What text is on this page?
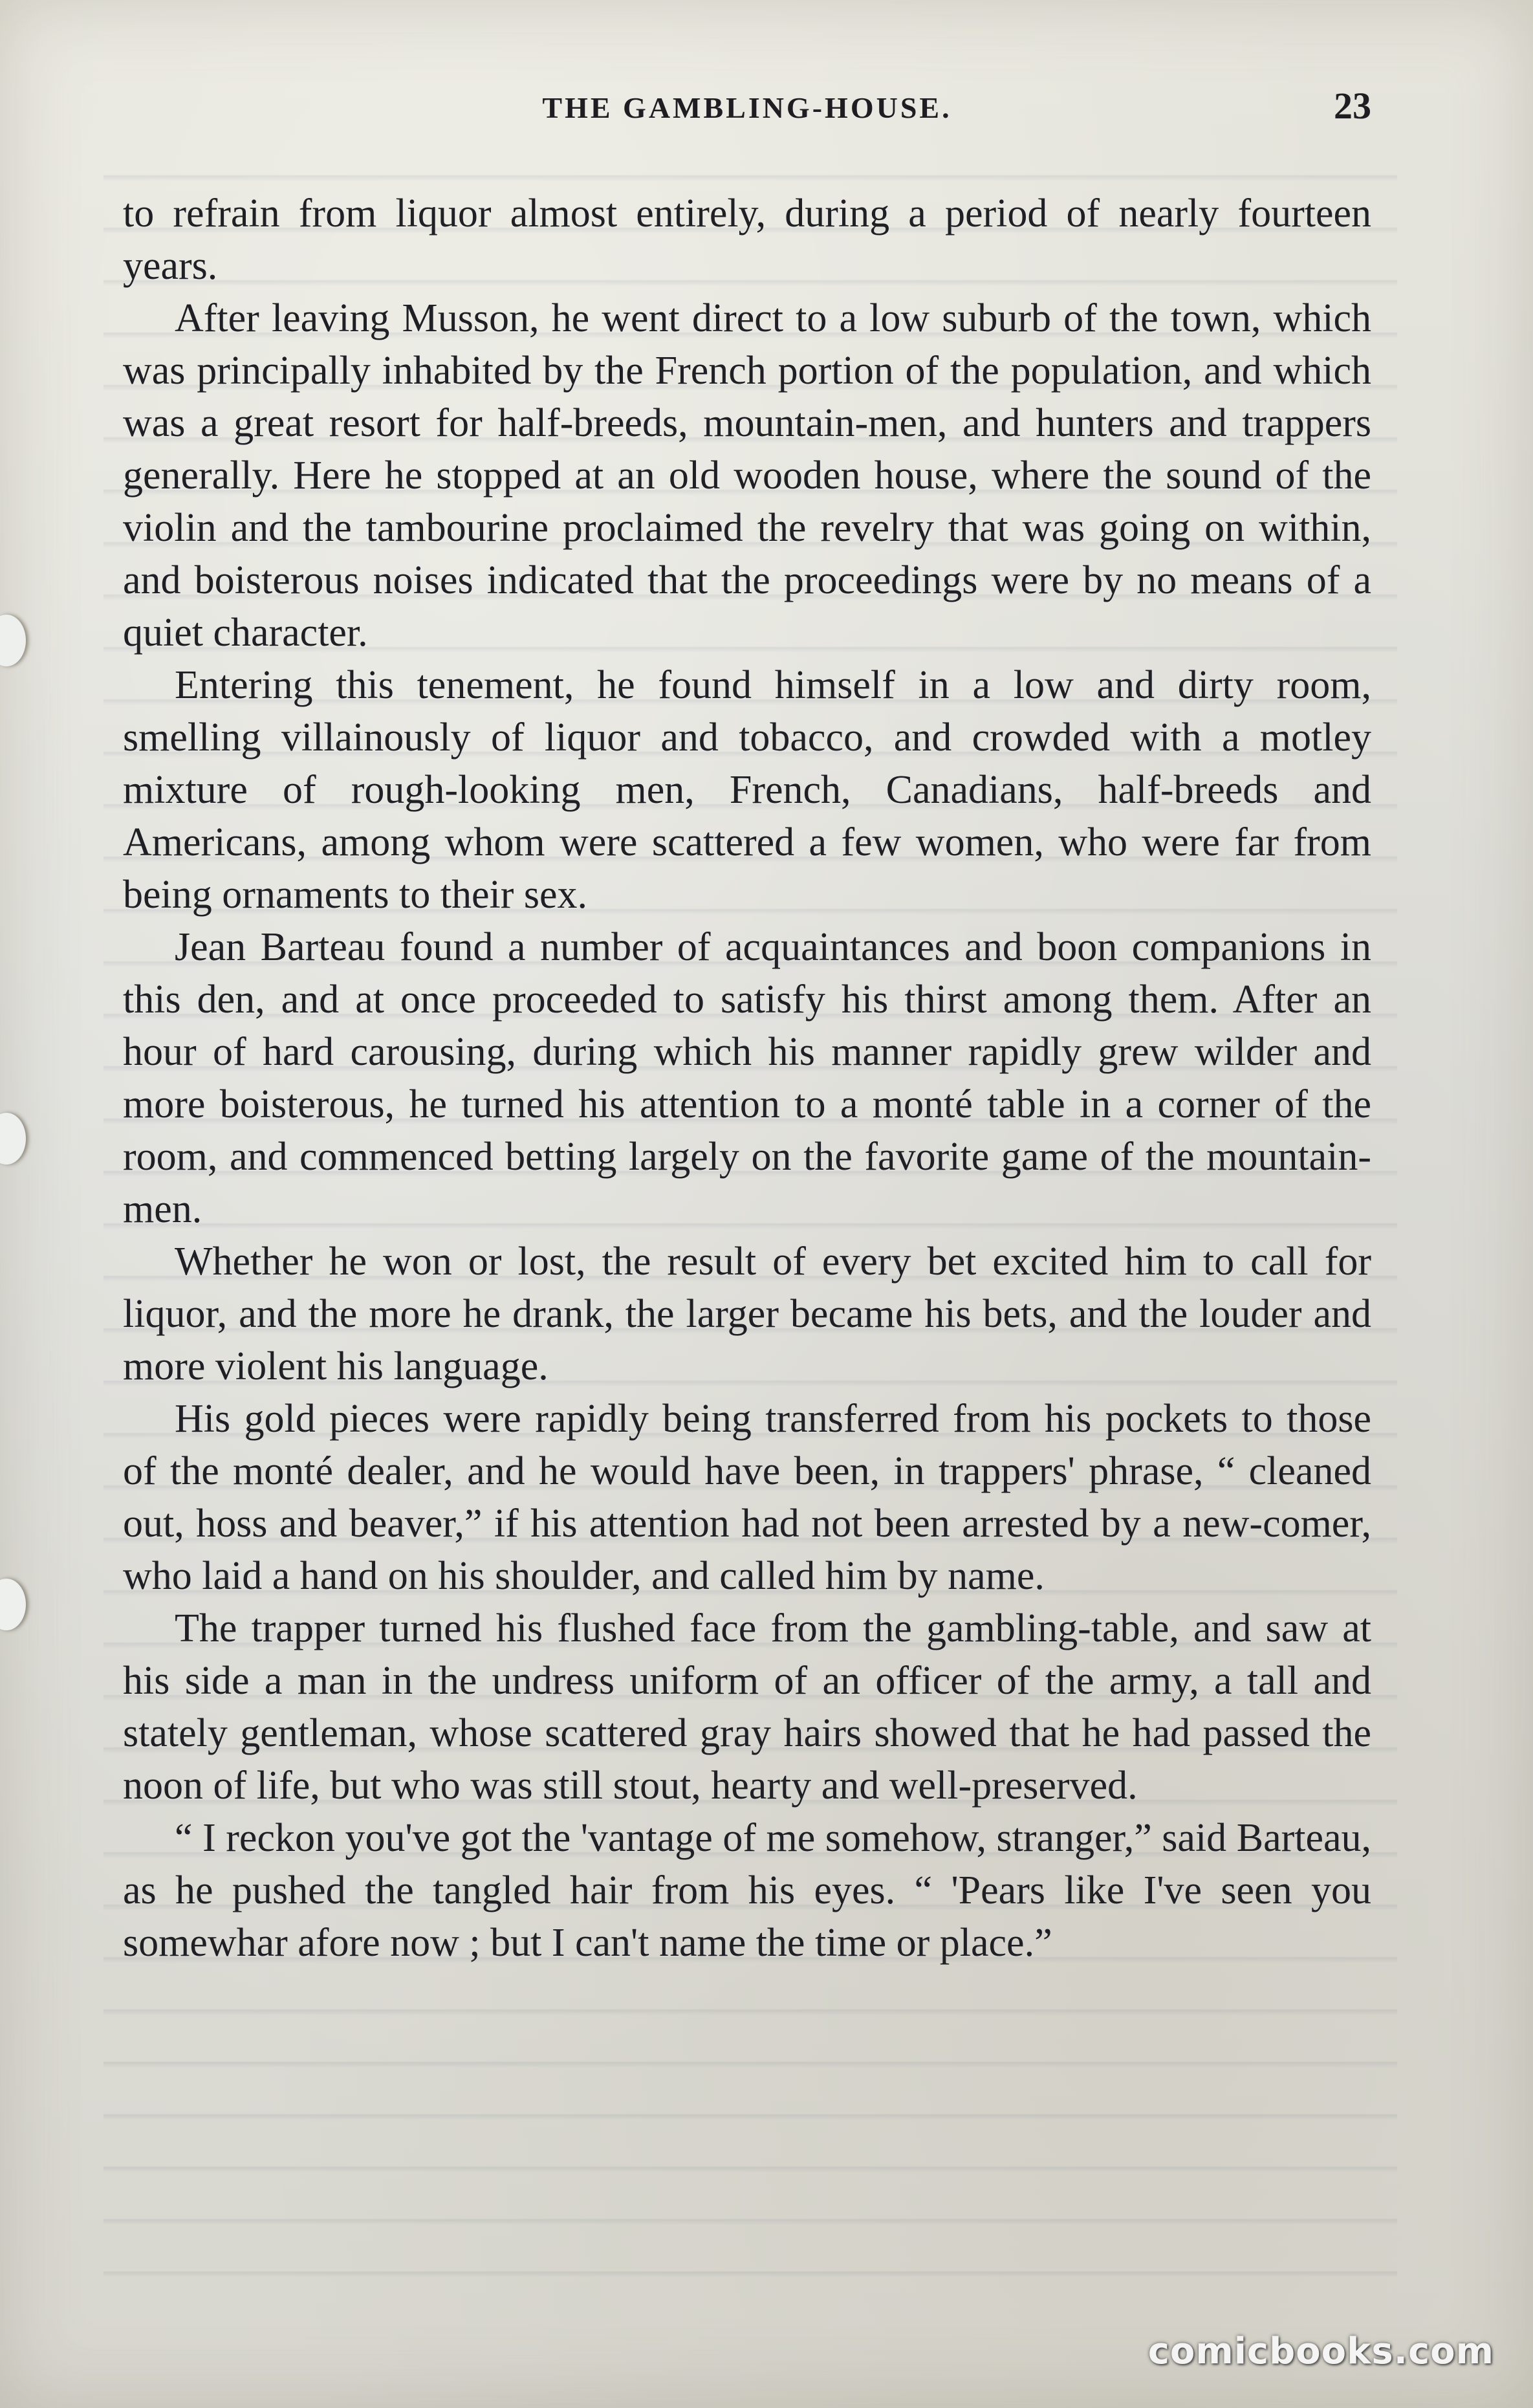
THE GAMBLING-HOUSE.	23

to refrain from liquor almost entirely, during a period of nearly fourteen years.

After leaving Musson, he went direct to a low suburb of the town, which was principally inhabited by the French portion of the population, and which was a great resort for half-breeds, mountain-men, and hunters and trappers generally. Here he stopped at an old wooden house, where the sound of the violin and the tambourine proclaimed the revelry that was going on within, and boisterous noises indicated that the proceedings were by no means of a quiet character.

Entering this tenement, he found himself in a low and dirty room, smelling villainously of liquor and tobacco, and crowded with a motley mixture of rough-looking men, French, Canadians, half-breeds and Americans, among whom were scattered a few women, who were far from being ornaments to their sex.

Jean Barteau found a number of acquaintances and boon companions in this den, and at once proceeded to satisfy his thirst among them. After an hour of hard carousing, during which his manner rapidly grew wilder and more boisterous, he turned his attention to a monté table in a corner of the room, and commenced betting largely on the favorite game of the mountain-men.

Whether he won or lost, the result of every bet excited him to call for liquor, and the more he drank, the larger became his bets, and the louder and more violent his language.

His gold pieces were rapidly being transferred from his pockets to those of the monté dealer, and he would have been, in trappers' phrase, “ cleaned out, hoss and beaver,” if his attention had not been arrested by a new-comer, who laid a hand on his shoulder, and called him by name.

The trapper turned his flushed face from the gambling-table, and saw at his side a man in the undress uniform of an officer of the army, a tall and stately gentleman, whose scattered gray hairs showed that he had passed the noon of life, but who was still stout, hearty and well-preserved.

“ I reckon you've got the 'vantage of me somehow, stranger,” said Barteau, as he pushed the tangled hair from his eyes. “ 'Pears like I've seen you somewhar afore now ; but I can't name the time or place.”

comicbooks.com
